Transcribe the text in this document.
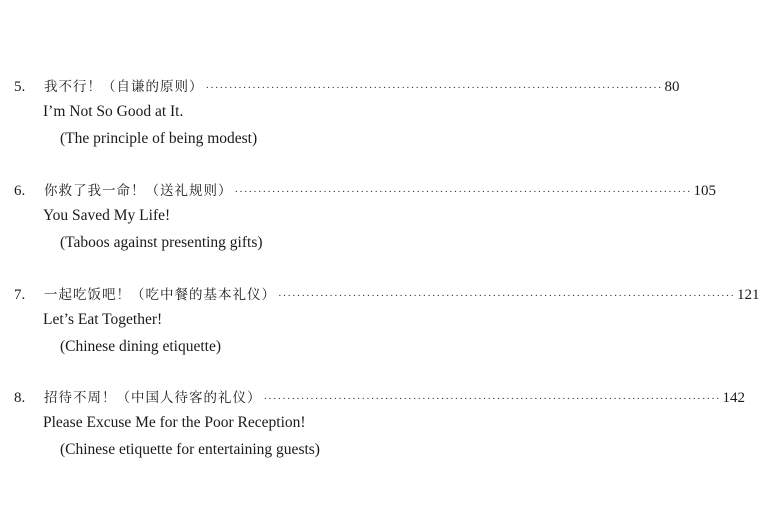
5.	我不行！（自谦的原则） ·································································································· 80
I’m Not So Good at It.
(The principle of being modest)
6.	你救了我一命！（送礼规则） ·································································································· 105
You Saved My Life!
(Taboos against presenting gifts)
7.	一起吃饭吧！（吃中餐的基本礼仪） ·································································································· 121
Let’s Eat Together!
(Chinese dining etiquette)
8.	招待不周！（中国人待客的礼仪） ·································································································· 142
Please Excuse Me for the Poor Reception!
(Chinese etiquette for entertaining guests)
